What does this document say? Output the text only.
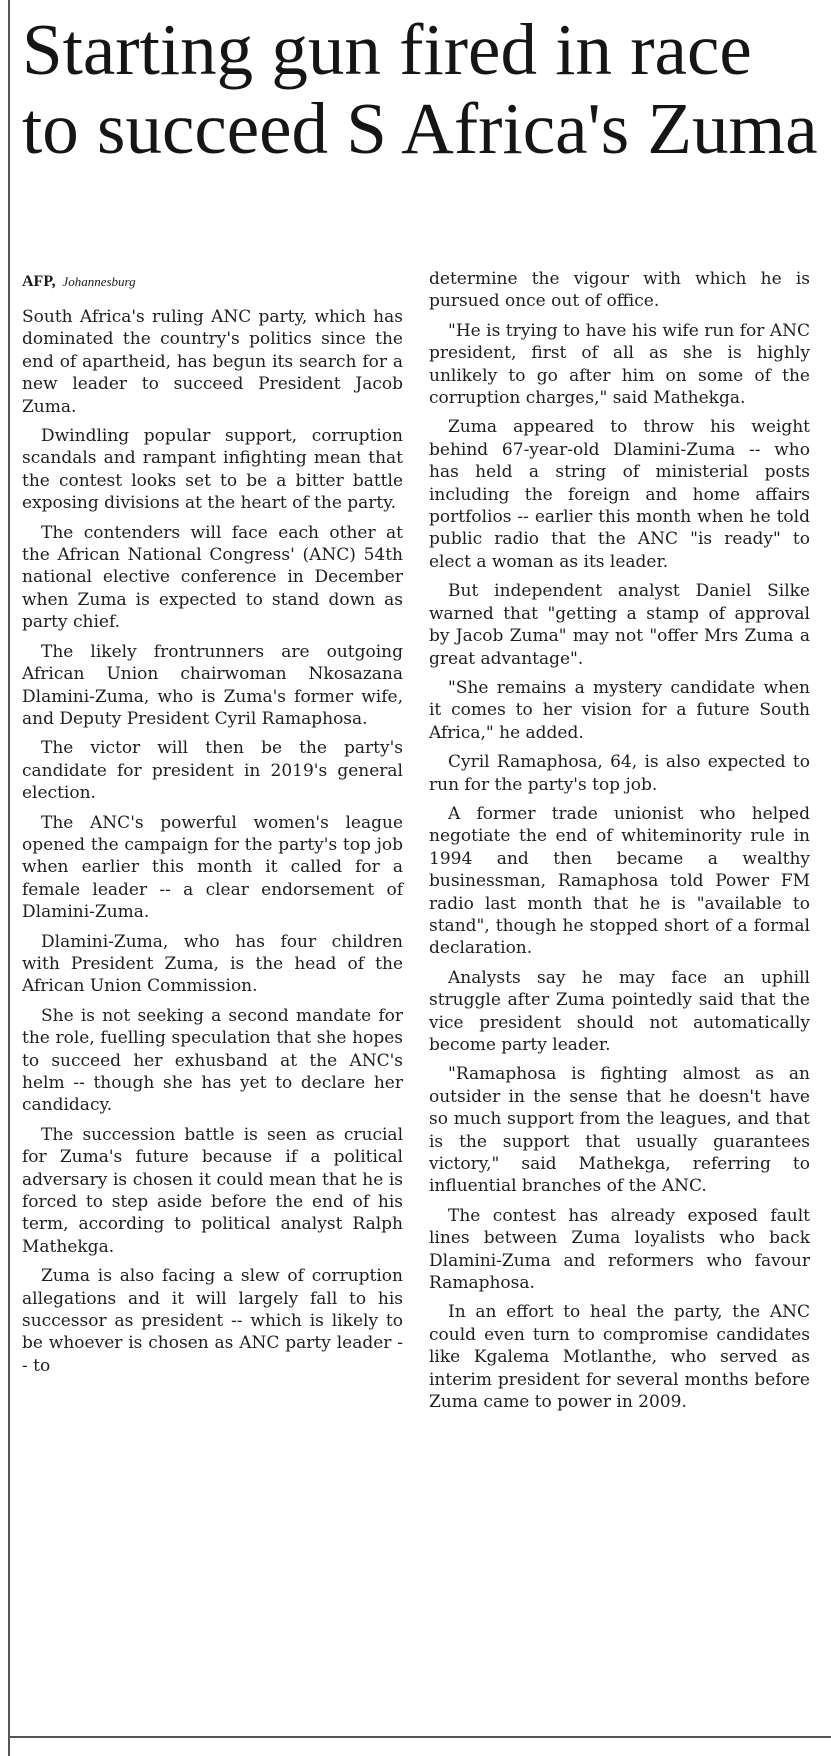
Starting gun fired in race to succeed S Africa's Zuma
AFP, Johannesburg

South Africa's ruling ANC party, which has dominated the country's politics since the end of apartheid, has begun its search for a new leader to succeed President Jacob Zuma.

Dwindling popular support, corruption scandals and rampant infighting mean that the contest looks set to be a bitter battle exposing divisions at the heart of the party.

The contenders will face each other at the African National Congress' (ANC) 54th national elective conference in December when Zuma is expected to stand down as party chief.

The likely frontrunners are outgoing African Union chairwoman Nkosazana Dlamini-Zuma, who is Zuma's former wife, and Deputy President Cyril Ramaphosa.

The victor will then be the party's candidate for president in 2019's general election.

The ANC's powerful women's league opened the campaign for the party's top job when earlier this month it called for a female leader -- a clear endorsement of Dlamini-Zuma.

Dlamini-Zuma, who has four children with President Zuma, is the head of the African Union Commission.

She is not seeking a second mandate for the role, fuelling speculation that she hopes to succeed her exhusband at the ANC's helm -- though she has yet to declare her candidacy.

The succession battle is seen as crucial for Zuma's future because if a political adversary is chosen it could mean that he is forced to step aside before the end of his term, according to political analyst Ralph Mathekga.

Zuma is also facing a slew of corruption allegations and it will largely fall to his successor as president -- which is likely to be whoever is chosen as ANC party leader -- to

determine the vigour with which he is pursued once out of office.

"He is trying to have his wife run for ANC president, first of all as she is highly unlikely to go after him on some of the corruption charges," said Mathekga.

Zuma appeared to throw his weight behind 67-year-old Dlamini-Zuma -- who has held a string of ministerial posts including the foreign and home affairs portfolios -- earlier this month when he told public radio that the ANC "is ready" to elect a woman as its leader.

But independent analyst Daniel Silke warned that "getting a stamp of approval by Jacob Zuma" may not "offer Mrs Zuma a great advantage".

"She remains a mystery candidate when it comes to her vision for a future South Africa," he added.

Cyril Ramaphosa, 64, is also expected to run for the party's top job.

A former trade unionist who helped negotiate the end of whiteminority rule in 1994 and then became a wealthy businessman, Ramaphosa told Power FM radio last month that he is "available to stand", though he stopped short of a formal declaration.

Analysts say he may face an uphill struggle after Zuma pointedly said that the vice president should not automatically become party leader.

"Ramaphosa is fighting almost as an outsider in the sense that he doesn't have so much support from the leagues, and that is the support that usually guarantees victory," said Mathekga, referring to influential branches of the ANC.

The contest has already exposed fault lines between Zuma loyalists who back Dlamini-Zuma and reformers who favour Ramaphosa.

In an effort to heal the party, the ANC could even turn to compromise candidates like Kgalema Motlanthe, who served as interim president for several months before Zuma came to power in 2009.
